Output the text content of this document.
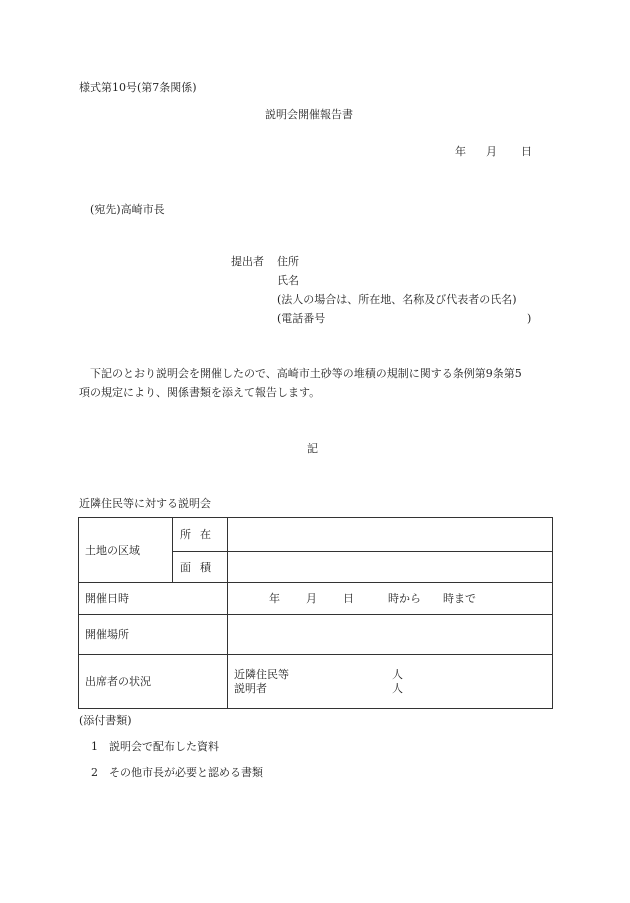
様式第10号(第7条関係)
説明会開催報告書
年 月 日
(宛先)高崎市長
提出者 住所
氏名
(法人の場合は、所在地、名称及び代表者の氏名)
(電話番号	)
下記のとおり説明会を開催したので、高崎市土砂等の堆積の規制に関する条例第9条第5
項の規定により、関係書類を添えて報告します。
記
近隣住民等に対する説明会
土地の区域	所在	
	面積	
開催日時		年 月 日 時から 時まで
開催場所		
出席者の状況		近隣住民等 人
説明者 人
(添付書類)
1 説明会で配布した資料
2 その他市長が必要と認める書類
